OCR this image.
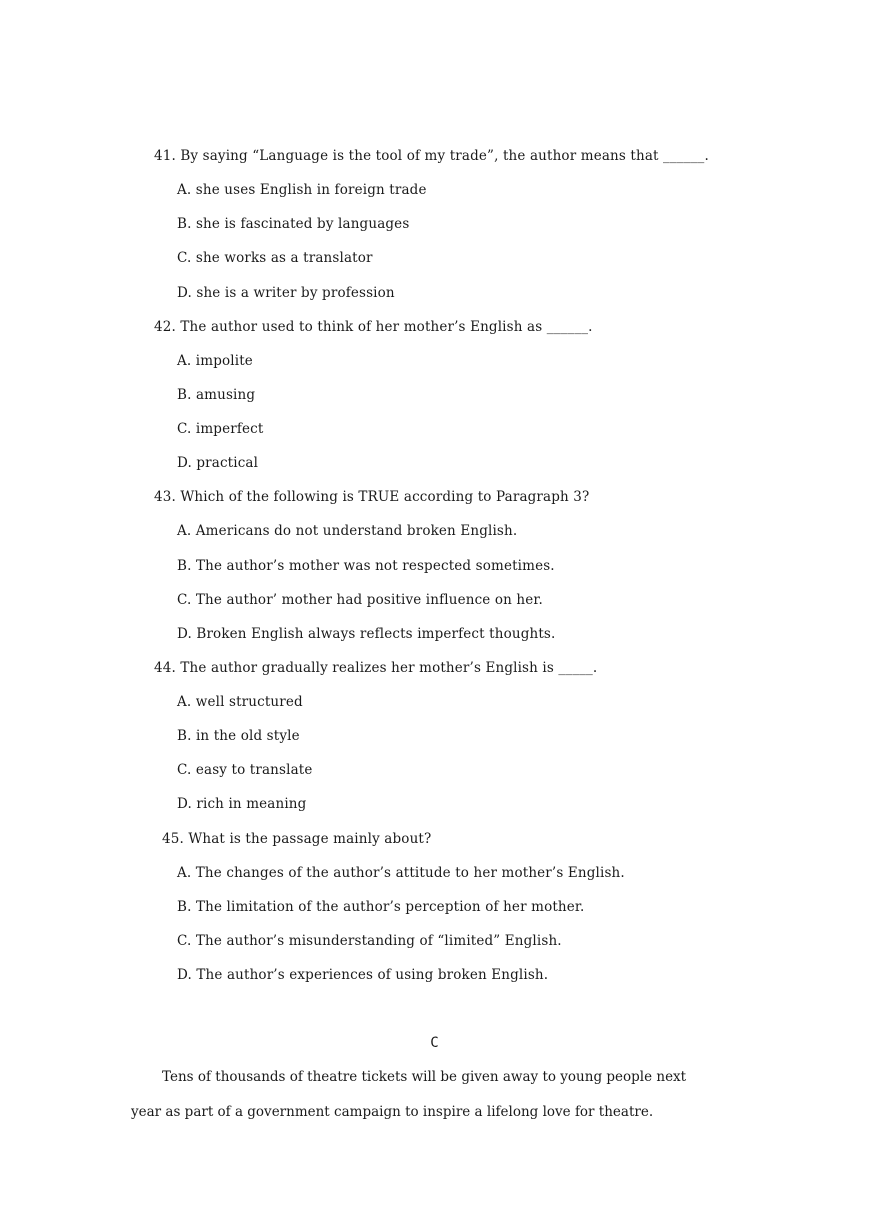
41. By saying “Language is the tool of my trade”, the author means that ______.
A. she uses English in foreign trade
B. she is fascinated by languages
C. she works as a translator
D. she is a writer by profession
42. The author used to think of her mother’s English as ______.
A. impolite
B. amusing
C. imperfect
D. practical
43. Which of the following is TRUE according to Paragraph 3?
A. Americans do not understand broken English.
B. The author’s mother was not respected sometimes.
C. The author’ mother had positive influence on her.
D. Broken English always reflects imperfect thoughts.
44. The author gradually realizes her mother’s English is _____.
A. well structured
B. in the old style
C. easy to translate
D. rich in meaning
45. What is the passage mainly about?
A. The changes of the author’s attitude to her mother’s English.
B. The limitation of the author’s perception of her mother.
C. The author’s misunderstanding of “limited” English.
D. The author’s experiences of using broken English.
C
Tens of thousands of theatre tickets will be given away to young people next
year as part of a government campaign to inspire a lifelong love for theatre.
